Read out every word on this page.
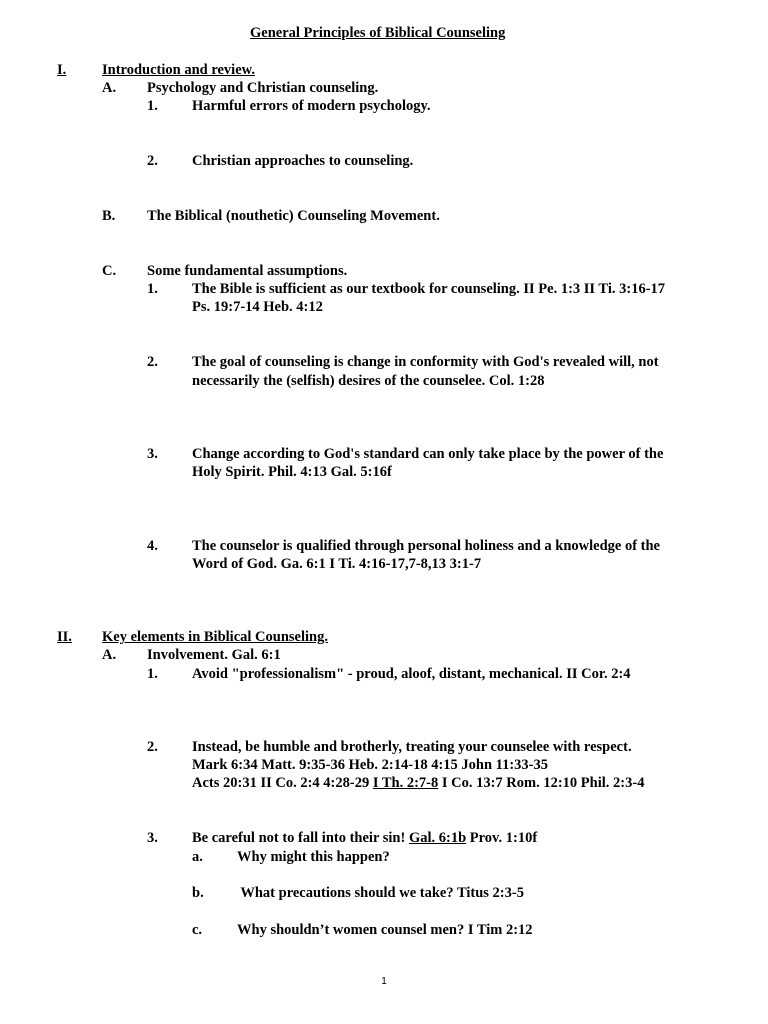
General Principles of Biblical Counseling
I. Introduction and review.
A. Psychology and Christian counseling.
1. Harmful errors of modern psychology.
2. Christian approaches to counseling.
B. The Biblical (nouthetic) Counseling Movement.
C. Some fundamental assumptions.
1. The Bible is sufficient as our textbook for counseling. II Pe. 1:3 II Ti. 3:16-17
Ps. 19:7-14 Heb. 4:12
2. The goal of counseling is change in conformity with God's revealed will, not
necessarily the (selfish) desires of the counselee. Col. 1:28
3. Change according to God's standard can only take place by the power of the
Holy Spirit. Phil. 4:13 Gal. 5:16f
4. The counselor is qualified through personal holiness and a knowledge of the
Word of God. Ga. 6:1 I Ti. 4:16-17,7-8,13 3:1-7
II. Key elements in Biblical Counseling.
A. Involvement. Gal. 6:1
1. Avoid "professionalism" - proud, aloof, distant, mechanical. II Cor. 2:4
2. Instead, be humble and brotherly, treating your counselee with respect.
Mark 6:34 Matt. 9:35-36 Heb. 2:14-18 4:15 John 11:33-35
Acts 20:31 II Co. 2:4 4:28-29 I Th. 2:7-8 I Co. 13:7 Rom. 12:10 Phil. 2:3-4
3. Be careful not to fall into their sin! Gal. 6:1b Prov. 1:10f
a. Why might this happen?
b. What precautions should we take? Titus 2:3-5
c. Why shouldn’t women counsel men? I Tim 2:12
1
